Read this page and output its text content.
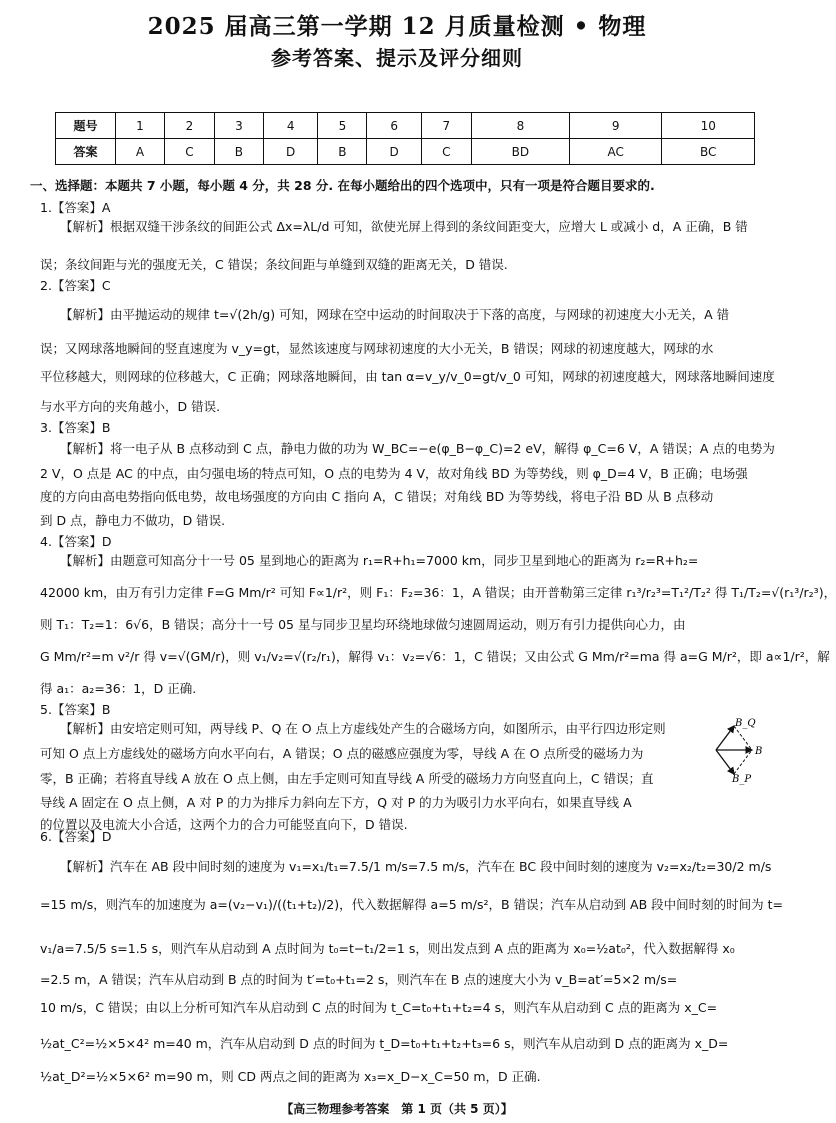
2025 届高三第一学期 12 月质量检测 • 物理
参考答案、提示及评分细则
题号	1	2	3	4	5	6	7	8	9	10
答案	A	C	B	D	B	D	C	BD	AC	BC
一、选择题：本题共 7 小题，每小题 4 分，共 28 分. 在每小题给出的四个选项中，只有一项是符合题目要求的.
1.【答案】A
【解析】根据双缝干涉条纹的间距公式 Δx=λL/d 可知，欲使光屏上得到的条纹间距变大，应增大 L 或减小 d，A 正确，B 错
误；条纹间距与光的强度无关，C 错误；条纹间距与单缝到双缝的距离无关，D 错误.
2.【答案】C
【解析】由平抛运动的规律 t=√(2h/g) 可知，网球在空中运动的时间取决于下落的高度，与网球的初速度大小无关，A 错
误；又网球落地瞬间的竖直速度为 v_y=gt，显然该速度与网球初速度的大小无关，B 错误；网球的初速度越大，网球的水
平位移越大，则网球的位移越大，C 正确；网球落地瞬间，由 tan α=v_y/v_0=gt/v_0 可知，网球的初速度越大，网球落地瞬间速度
与水平方向的夹角越小，D 错误.
3.【答案】B
【解析】将一电子从 B 点移动到 C 点，静电力做的功为 W_BC=−e(φ_B−φ_C)=2 eV，解得 φ_C=6 V，A 错误；A 点的电势为
2 V，O 点是 AC 的中点，由匀强电场的特点可知，O 点的电势为 4 V，故对角线 BD 为等势线，则 φ_D=4 V，B 正确；电场强
度的方向由高电势指向低电势，故电场强度的方向由 C 指向 A，C 错误；对角线 BD 为等势线，将电子沿 BD 从 B 点移动
到 D 点，静电力不做功，D 错误.
4.【答案】D
【解析】由题意可知高分十一号 05 星到地心的距离为 r₁=R+h₁=7000 km，同步卫星到地心的距离为 r₂=R+h₂=
42000 km，由万有引力定律 F=G Mm/r² 可知 F∝1/r²，则 F₁：F₂=36：1，A 错误；由开普勒第三定律 r₁³/r₂³=T₁²/T₂² 得 T₁/T₂=√(r₁³/r₂³)，
则 T₁：T₂=1：6√6，B 错误；高分十一号 05 星与同步卫星均环绕地球做匀速圆周运动，则万有引力提供向心力，由
G Mm/r²=m v²/r 得 v=√(GM/r)，则 v₁/v₂=√(r₂/r₁)，解得 v₁：v₂=√6：1，C 错误；又由公式 G Mm/r²=ma 得 a=G M/r²，即 a∝1/r²，解
得 a₁：a₂=36：1，D 正确.
5.【答案】B
【解析】由安培定则可知，两导线 P、Q 在 O 点上方虚线处产生的合磁场方向，如图所示，由平行四边形定则
可知 O 点上方虚线处的磁场方向水平向右，A 错误；O 点的磁感应强度为零，导线 A 在 O 点所受的磁场力为
零，B 正确；若将直导线 A 放在 O 点上侧，由左手定则可知直导线 A 所受的磁场力方向竖直向上，C 错误；直
导线 A 固定在 O 点上侧，A 对 P 的力为排斥力斜向左下方，Q 对 P 的力为吸引力水平向右，如果直导线 A
的位置以及电流大小合适，这两个力的合力可能竖直向下，D 错误.
B_Q
B
B_P
6.【答案】D
【解析】汽车在 AB 段中间时刻的速度为 v₁=x₁/t₁=7.5/1 m/s=7.5 m/s，汽车在 BC 段中间时刻的速度为 v₂=x₂/t₂=30/2 m/s
=15 m/s，则汽车的加速度为 a=(v₂−v₁)/((t₁+t₂)/2)，代入数据解得 a=5 m/s²，B 错误；汽车从启动到 AB 段中间时刻的时间为 t=
v₁/a=7.5/5 s=1.5 s，则汽车从启动到 A 点时间为 t₀=t−t₁/2=1 s，则出发点到 A 点的距离为 x₀=½at₀²，代入数据解得 x₀
=2.5 m，A 错误；汽车从启动到 B 点的时间为 t′=t₀+t₁=2 s，则汽车在 B 点的速度大小为 v_B=at′=5×2 m/s=
10 m/s，C 错误；由以上分析可知汽车从启动到 C 点的时间为 t_C=t₀+t₁+t₂=4 s，则汽车从启动到 C 点的距离为 x_C=
½at_C²=½×5×4² m=40 m，汽车从启动到 D 点的时间为 t_D=t₀+t₁+t₂+t₃=6 s，则汽车从启动到 D 点的距离为 x_D=
½at_D²=½×5×6² m=90 m，则 CD 两点之间的距离为 x₃=x_D−x_C=50 m，D 正确.
【高三物理参考答案　第 1 页（共 5 页）】
